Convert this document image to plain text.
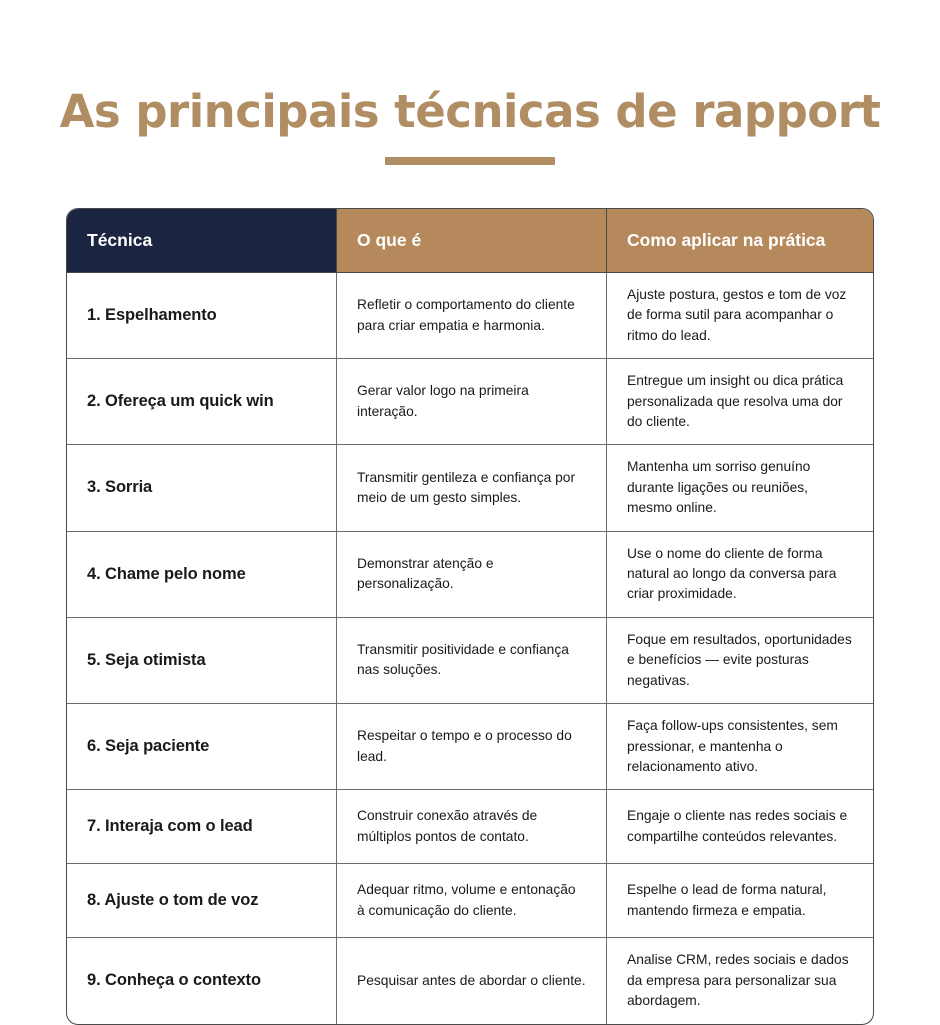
As principais técnicas de rapport
Técnica	O que é	Como aplicar na prática
1. Espelhamento	Refletir o comportamento do cliente para criar empatia e harmonia.	Ajuste postura, gestos e tom de voz de forma sutil para acompanhar o ritmo do lead.
2. Ofereça um quick win	Gerar valor logo na primeira interação.	Entregue um insight ou dica prática personalizada que resolva uma dor do cliente.
3. Sorria	Transmitir gentileza e confiança por meio de um gesto simples.	Mantenha um sorriso genuíno durante ligações ou reuniões, mesmo online.
4. Chame pelo nome	Demonstrar atenção e personalização.	Use o nome do cliente de forma natural ao longo da conversa para criar proximidade.
5. Seja otimista	Transmitir positividade e confiança nas soluções.	Foque em resultados, oportunidades e benefícios — evite posturas negativas.
6. Seja paciente	Respeitar o tempo e o processo do lead.	Faça follow-ups consistentes, sem pressionar, e mantenha o relacionamento ativo.
7. Interaja com o lead	Construir conexão através de múltiplos pontos de contato.	Engaje o cliente nas redes sociais e compartilhe conteúdos relevantes.
8. Ajuste o tom de voz	Adequar ritmo, volume e entonação à comunicação do cliente.	Espelhe o lead de forma natural, mantendo firmeza e empatia.
9. Conheça o contexto	Pesquisar antes de abordar o cliente.	Analise CRM, redes sociais e dados da empresa para personalizar sua abordagem.
